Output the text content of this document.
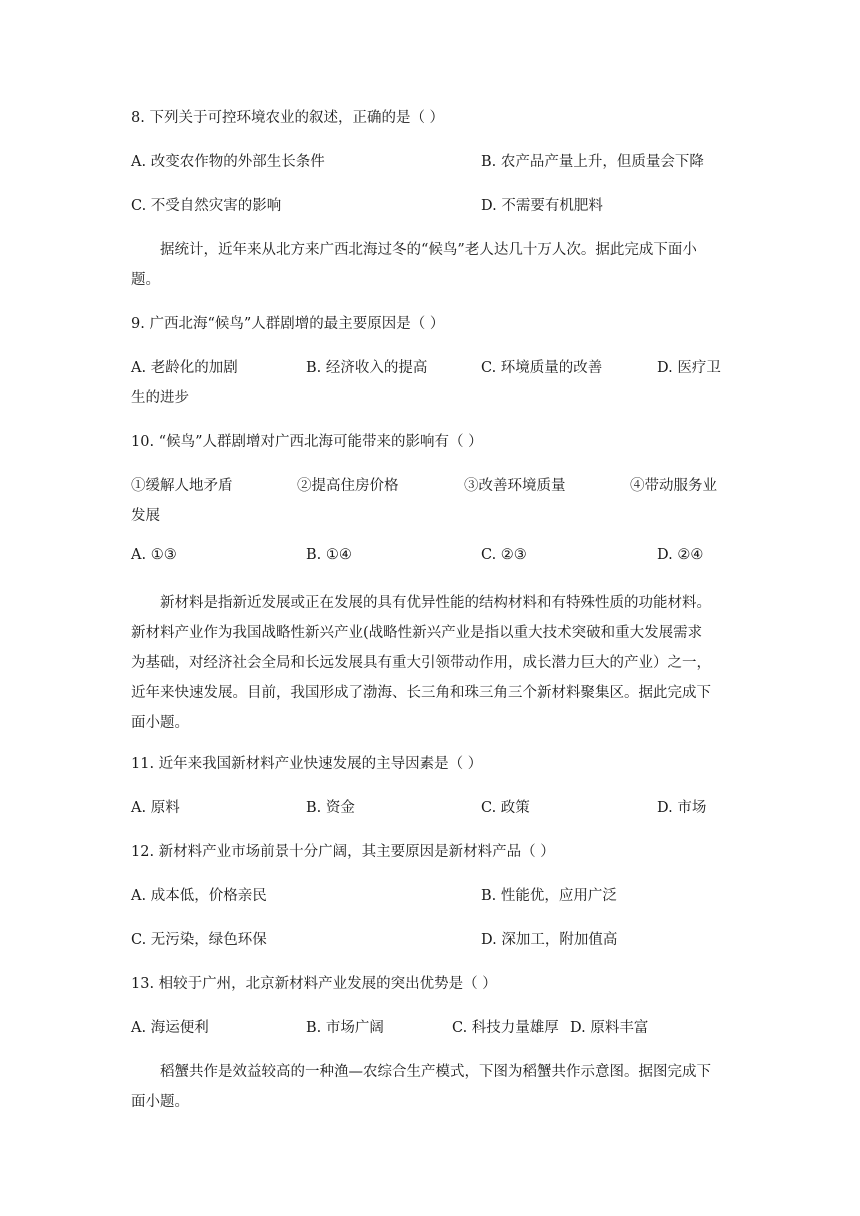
8. 下列关于可控环境农业的叙述，正确的是（ ）
A. 改变农作物的外部生长条件	B. 农产品产量上升，但质量会下降
C. 不受自然灾害的影响	D. 不需要有机肥料
据统计，近年来从北方来广西北海过冬的“候鸟”老人达几十万人次。据此完成下面小
题。
9. 广西北海“候鸟”人群剧增的最主要原因是（ ）
A. 老龄化的加剧	B. 经济收入的提高	C. 环境质量的改善	D. 医疗卫
生的进步
10. “候鸟”人群剧增对广西北海可能带来的影响有（ ）
①缓解人地矛盾	②提高住房价格	③改善环境质量	④带动服务业
发展
A. ①③	B. ①④	C. ②③	D. ②④
新材料是指新近发展或正在发展的具有优异性能的结构材料和有特殊性质的功能材料。
新材料产业作为我国战略性新兴产业(战略性新兴产业是指以重大技术突破和重大发展需求
为基础，对经济社会全局和长远发展具有重大引领带动作用，成长潜力巨大的产业）之一，
近年来快速发展。目前，我国形成了渤海、长三角和珠三角三个新材料聚集区。据此完成下
面小题。
11. 近年来我国新材料产业快速发展的主导因素是（ ）
A. 原料	B. 资金	C. 政策	D. 市场
12. 新材料产业市场前景十分广阔，其主要原因是新材料产品（ ）
A. 成本低，价格亲民	B. 性能优，应用广泛
C. 无污染，绿色环保	D. 深加工，附加值高
13. 相较于广州，北京新材料产业发展的突出优势是（ ）
A. 海运便利	B. 市场广阔	C. 科技力量雄厚 D. 原料丰富
稻蟹共作是效益较高的一种渔—农综合生产模式，下图为稻蟹共作示意图。据图完成下
面小题。
